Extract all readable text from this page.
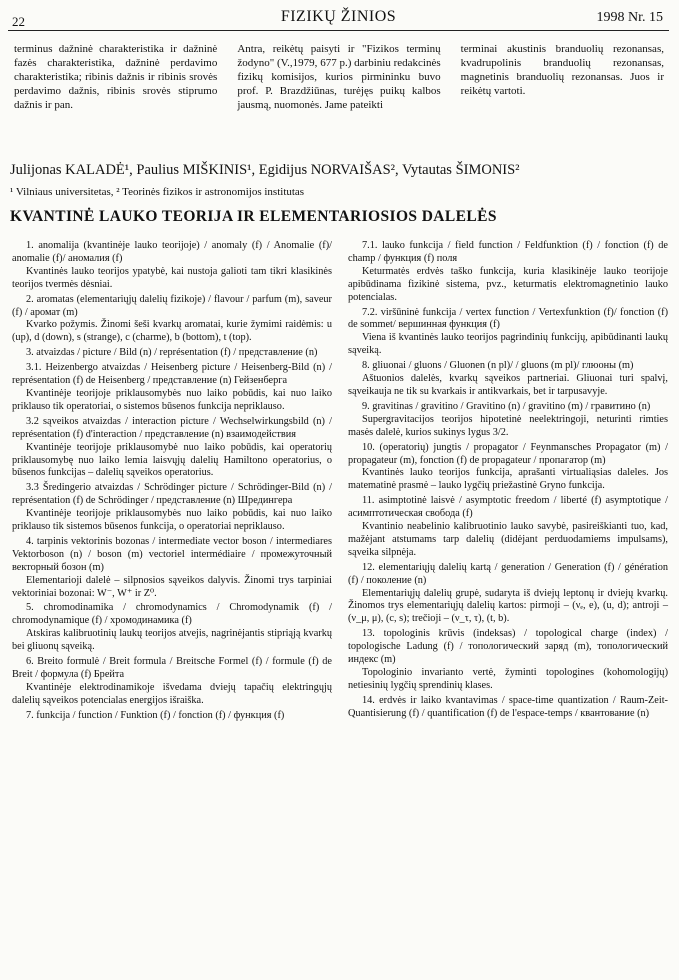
22	FIZIKŲ ŽINIOS	1998 Nr. 15

terminus dažninė charakteristika ir dažninė fazės charakteristika, dažninė perdavimo charakteristika; ribinis dažnis ir ribinis srovės perdavimo dažnis, ribinis srovės stiprumo dažnis ir pan.

Antra, reikėtų paisyti ir "Fizikos terminų žodyno" (V.,1979, 677 p.) darbiniu redakcinės fizikų komisijos, kurios pirmininku buvo prof. P. Brazdžiūnas, turėjęs puikų kalbos jausmą, nuomonės. Jame pateikti

terminai akustinis branduolių rezonansas, kvadrupolinis branduolių rezonansas, magnetinis branduolių rezonansas. Juos ir reikėtų vartoti.

Julijonas KALADĖ¹, Paulius MIŠKINIS¹, Egidijus NORVAIŠAS², Vytautas ŠIMONIS²
¹ Vilniaus universitetas, ² Teorinės fizikos ir astronomijos institutas
KVANTINĖ LAUKO TEORIJA IR ELEMENTARIOSIOS DALELĖS
1. anomalija (kvantinėje lauko teorijoje) / anomaly (f) / Anomalie (f)/ anomalie (f)/ аномалия (f)
Kvantinės lauko teorijos ypatybė, kai nustoja galioti tam tikri klasikinės teorijos tvermės dėsniai.
2. aromatas (elementariųjų dalelių fizikoje) / flavour / parfum (m), saveur (f) / аромат (m)
Kvarko požymis. Žinomi šeši kvarkų aromatai, kurie žymimi raidėmis: u (up), d (down), s (strange), c (charme), b (bottom), t (top).
3. atvaizdas / picture / Bild (n) / représentation (f) / представление (n)
3.1. Heizenbergo atvaizdas / Heisenberg picture / Heisenberg-Bild (n) / représentation (f) de Heisenberg / представление (n) Гейзенберга
Kvantinėje teorijoje priklausomybės nuo laiko pobūdis, kai nuo laiko priklauso tik operatoriai, o sistemos būsenos funkcija nepriklauso.
3.2 sąveikos atvaizdas / interaction picture / Wechselwirkungsbild (n) / représentation (f) d'interaction / представление (n) взаимодействия
Kvantinėje teorijoje priklausomybė nuo laiko pobūdis, kai operatorių priklausomybę nuo laiko lemia laisvųjų dalelių Hamiltono operatorius, o būsenos funkcijas – dalelių sąveikos operatorius.
3.3 Šredingerio atvaizdas / Schrödinger picture / Schrödinger-Bild (n) / représentation (f) de Schrödinger / представление (n) Шредингера
Kvantinėje teorijoje priklausomybės nuo laiko pobūdis, kai nuo laiko priklauso tik sistemos būsenos funkcija, o operatoriai nepriklauso.
4. tarpinis vektorinis bozonas / intermediate vector boson / intermediares Vektorboson (n) / boson (m) vectoriel intermédiaire / промежуточный векторный бозон (m)
Elementarioji dalelė – silpnosios sąveikos dalyvis. Žinomi trys tarpiniai vektoriniai bozonai: W⁻, W⁺ ir Z⁰.
5. chromodinamika / chromodynamics / Chromodynamik (f) / chromodynamique (f) / хромодинамика (f)
Atskiras kalibruotinių laukų teorijos atvejis, nagrinėjantis stipriąją kvarkų bei gliuonų sąveiką.
6. Breito formulė / Breit formula / Breitsche Formel (f) / formule (f) de Breit / формула (f) Брейта
Kvantinėje elektrodinamikoje išvedama dviejų tapačių elektringųjų dalelių sąveikos potencialas energijos išraiška.
7. funkcija / function / Funktion (f) / fonction (f) / функция (f)
7.1. lauko funkcija / field function / Feldfunktion (f) / fonction (f) de champ / функция (f) поля
Keturmatės erdvės taško funkcija, kuria klasikinėje lauko teorijoje apibūdinama fizikinė sistema, pvz., keturmatis elektromagnetinio lauko potencialas.
7.2. viršūninė funkcija / vertex function / Vertexfunktion (f)/ fonction (f) de sommet/ вершинная функция (f)
Viena iš kvantinės lauko teorijos pagrindinių funkcijų, apibūdinanti laukų sąveiką.
8. gliuonai / gluons / Gluonen (n pl)/ / gluons (m pl)/ глюоны (m)
Aštuonios dalelės, kvarkų sąveikos partneriai. Gliuonai turi spalvį, sąveikauja ne tik su kvarkais ir antikvarkais, bet ir tarpusavyje.
9. gravitinas / gravitino / Gravitino (n) / gravitino (m) / гравитино (n)
Supergravitacijos teorijos hipotetinė neelektringoji, neturinti rimties masės dalelė, kurios sukinys lygus 3/2.
10. (operatorių) jungtis / propagator / Feynmansches Propagator (m) / propagateur (m), fonction (f) de propagateur / пропагатор (m)
Kvantinės lauko teorijos funkcija, aprašanti virtualiąsias daleles. Jos matematinė prasmė – lauko lygčių priežastinė Gryno funkcija.
11. asimptotinė laisvė / asymptotic freedom / liberté (f) asymptotique / асимптотическая свобода (f)
Kvantinio neabelinio kalibruotinio lauko savybė, pasireiškianti tuo, kad, mažėjant atstumams tarp dalelių (didėjant perduodamiems impulsams), sąveika silpnėja.
12. elementariųjų dalelių kartą / generation / Generation (f) / génération (f) / поколение (n)
Elementariųjų dalelių grupė, sudaryta iš dviejų leptonų ir dviejų kvarkų. Žinomos trys elementariųjų dalelių kartos: pirmoji – (νₑ, e), (u, d); antroji – (ν_μ, μ), (c, s); trečioji – (ν_τ, τ), (t, b).
13. topologinis krūvis (indeksas) / topological charge (index) / topologische Ladung (f) / топологический заряд (m), топологический индекс (m)
Topologinio invarianto vertė, žyminti topologines (kohomologijų) netiesinių lygčių sprendinių klases.
14. erdvės ir laiko kvantavimas / space-time quantization / Raum-Zeit-Quantisierung (f) / quantification (f) de l'espace-temps / квантование (n)
